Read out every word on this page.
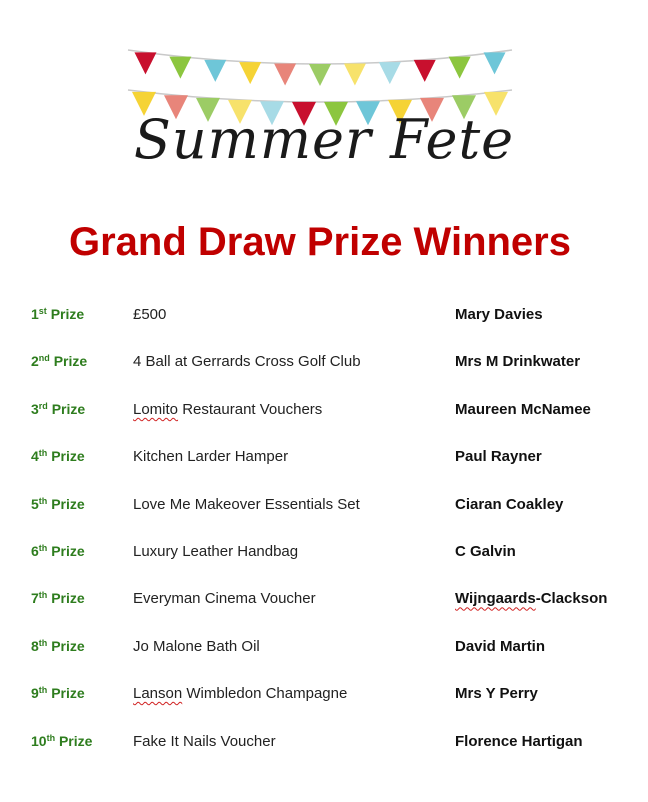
Summer Fete
Grand Draw Prize Winners
1st Prize	£500	Mary Davies
2nd Prize	4 Ball at Gerrards Cross Golf Club	Mrs M Drinkwater
3rd Prize	Lomito Restaurant Vouchers	Maureen McNamee
4th Prize	Kitchen Larder Hamper	Paul Rayner
5th Prize	Love Me Makeover Essentials Set	Ciaran Coakley
6th Prize	Luxury Leather Handbag	C Galvin
7th Prize	Everyman Cinema Voucher	Wijngaards-Clackson
8th Prize	Jo Malone Bath Oil	David Martin
9th Prize	Lanson Wimbledon Champagne	Mrs Y Perry
10th Prize	Fake It Nails Voucher	Florence Hartigan
